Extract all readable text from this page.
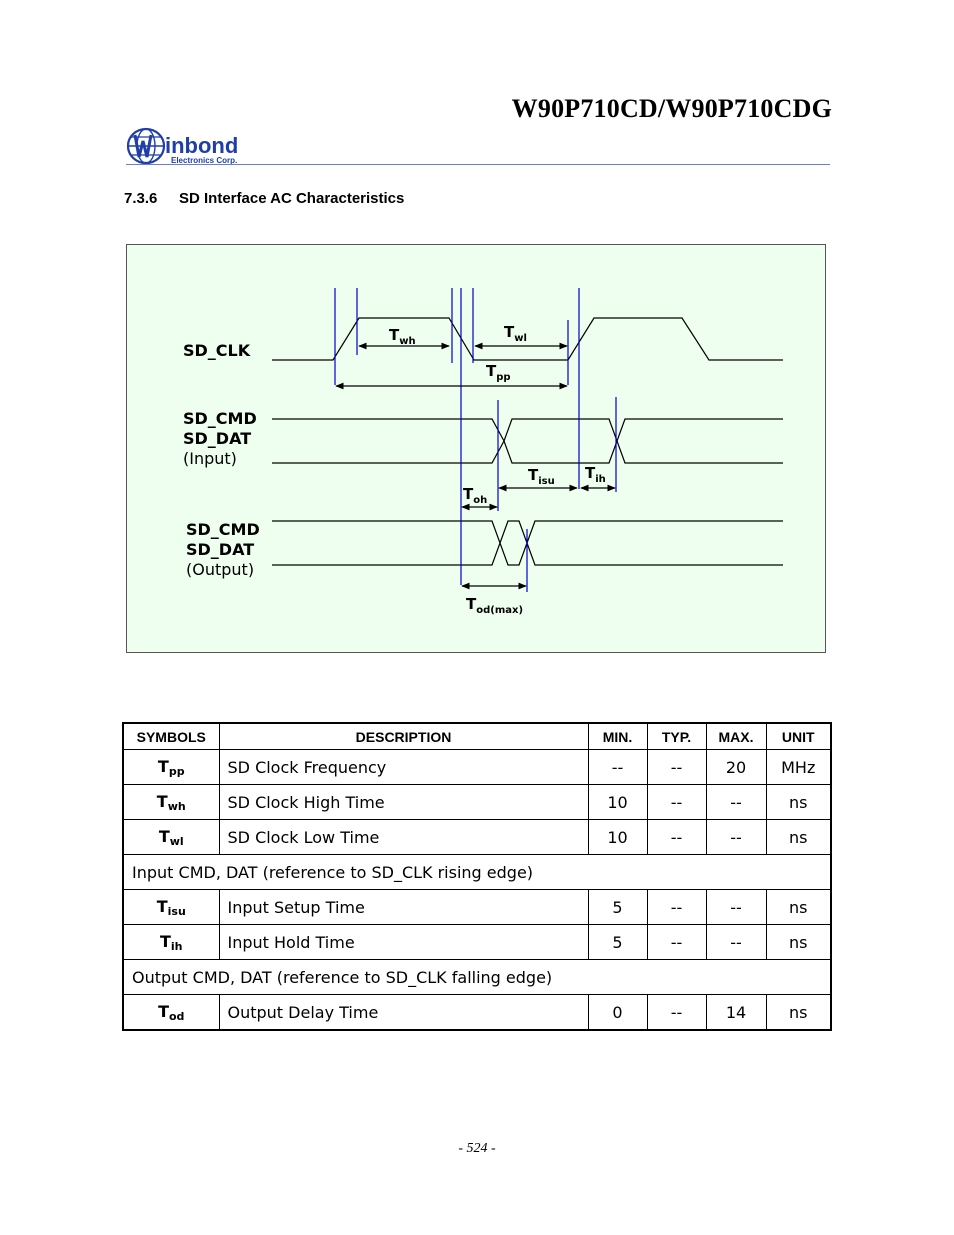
W90P710CD/W90P710CDG
inbond
Electronics Corp.
7.3.6 SD Interface AC Characteristics
SD_CLK
SD_CMD
SD_DAT
(Input)
SD_CMD
SD_DAT
(Output)
$T_{wh}$
$T_{wl}$
$T_{pp}$
$T_{isu}$ $T_{ih}$
$T_{oh}$
$T_{od(max)}$
SYMBOLS	DESCRIPTION	MIN.	TYP.	MAX.	UNIT
$T_{pp}$	SD Clock Frequency	--	--	20	MHz
$T_{wh}$	SD Clock High Time	10	--	--	ns
$T_{wl}$	SD Clock Low Time	10	--	--	ns
Input CMD, DAT (reference to SD_CLK rising edge)					
$T_{isu}$	Input Setup Time	5	--	--	ns
$T_{ih}$	Input Hold Time	5	--	--	ns
Output CMD, DAT (reference to SD_CLK falling edge)					
$T_{od}$	Output Delay Time	0	--	14	ns
- 524 -
